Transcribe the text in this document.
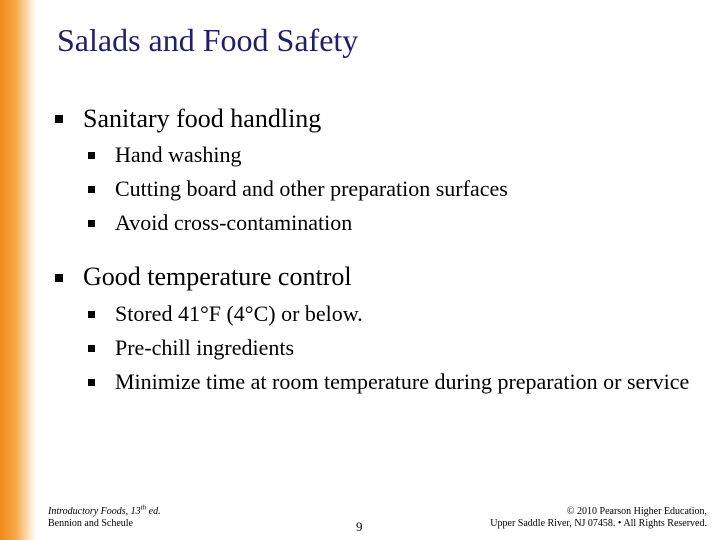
Salads and Food Safety
Sanitary food handling
Hand washing
Cutting board and other preparation surfaces
Avoid cross-contamination
Good temperature control
Stored 41°F (4°C) or below.
Pre-chill ingredients
Minimize time at room temperature during preparation or service
Introductory Foods, 13th ed.
Bennion and Scheule	9
© 2010 Pearson Higher Education,
Upper Saddle River, NJ 07458. • All Rights Reserved.
